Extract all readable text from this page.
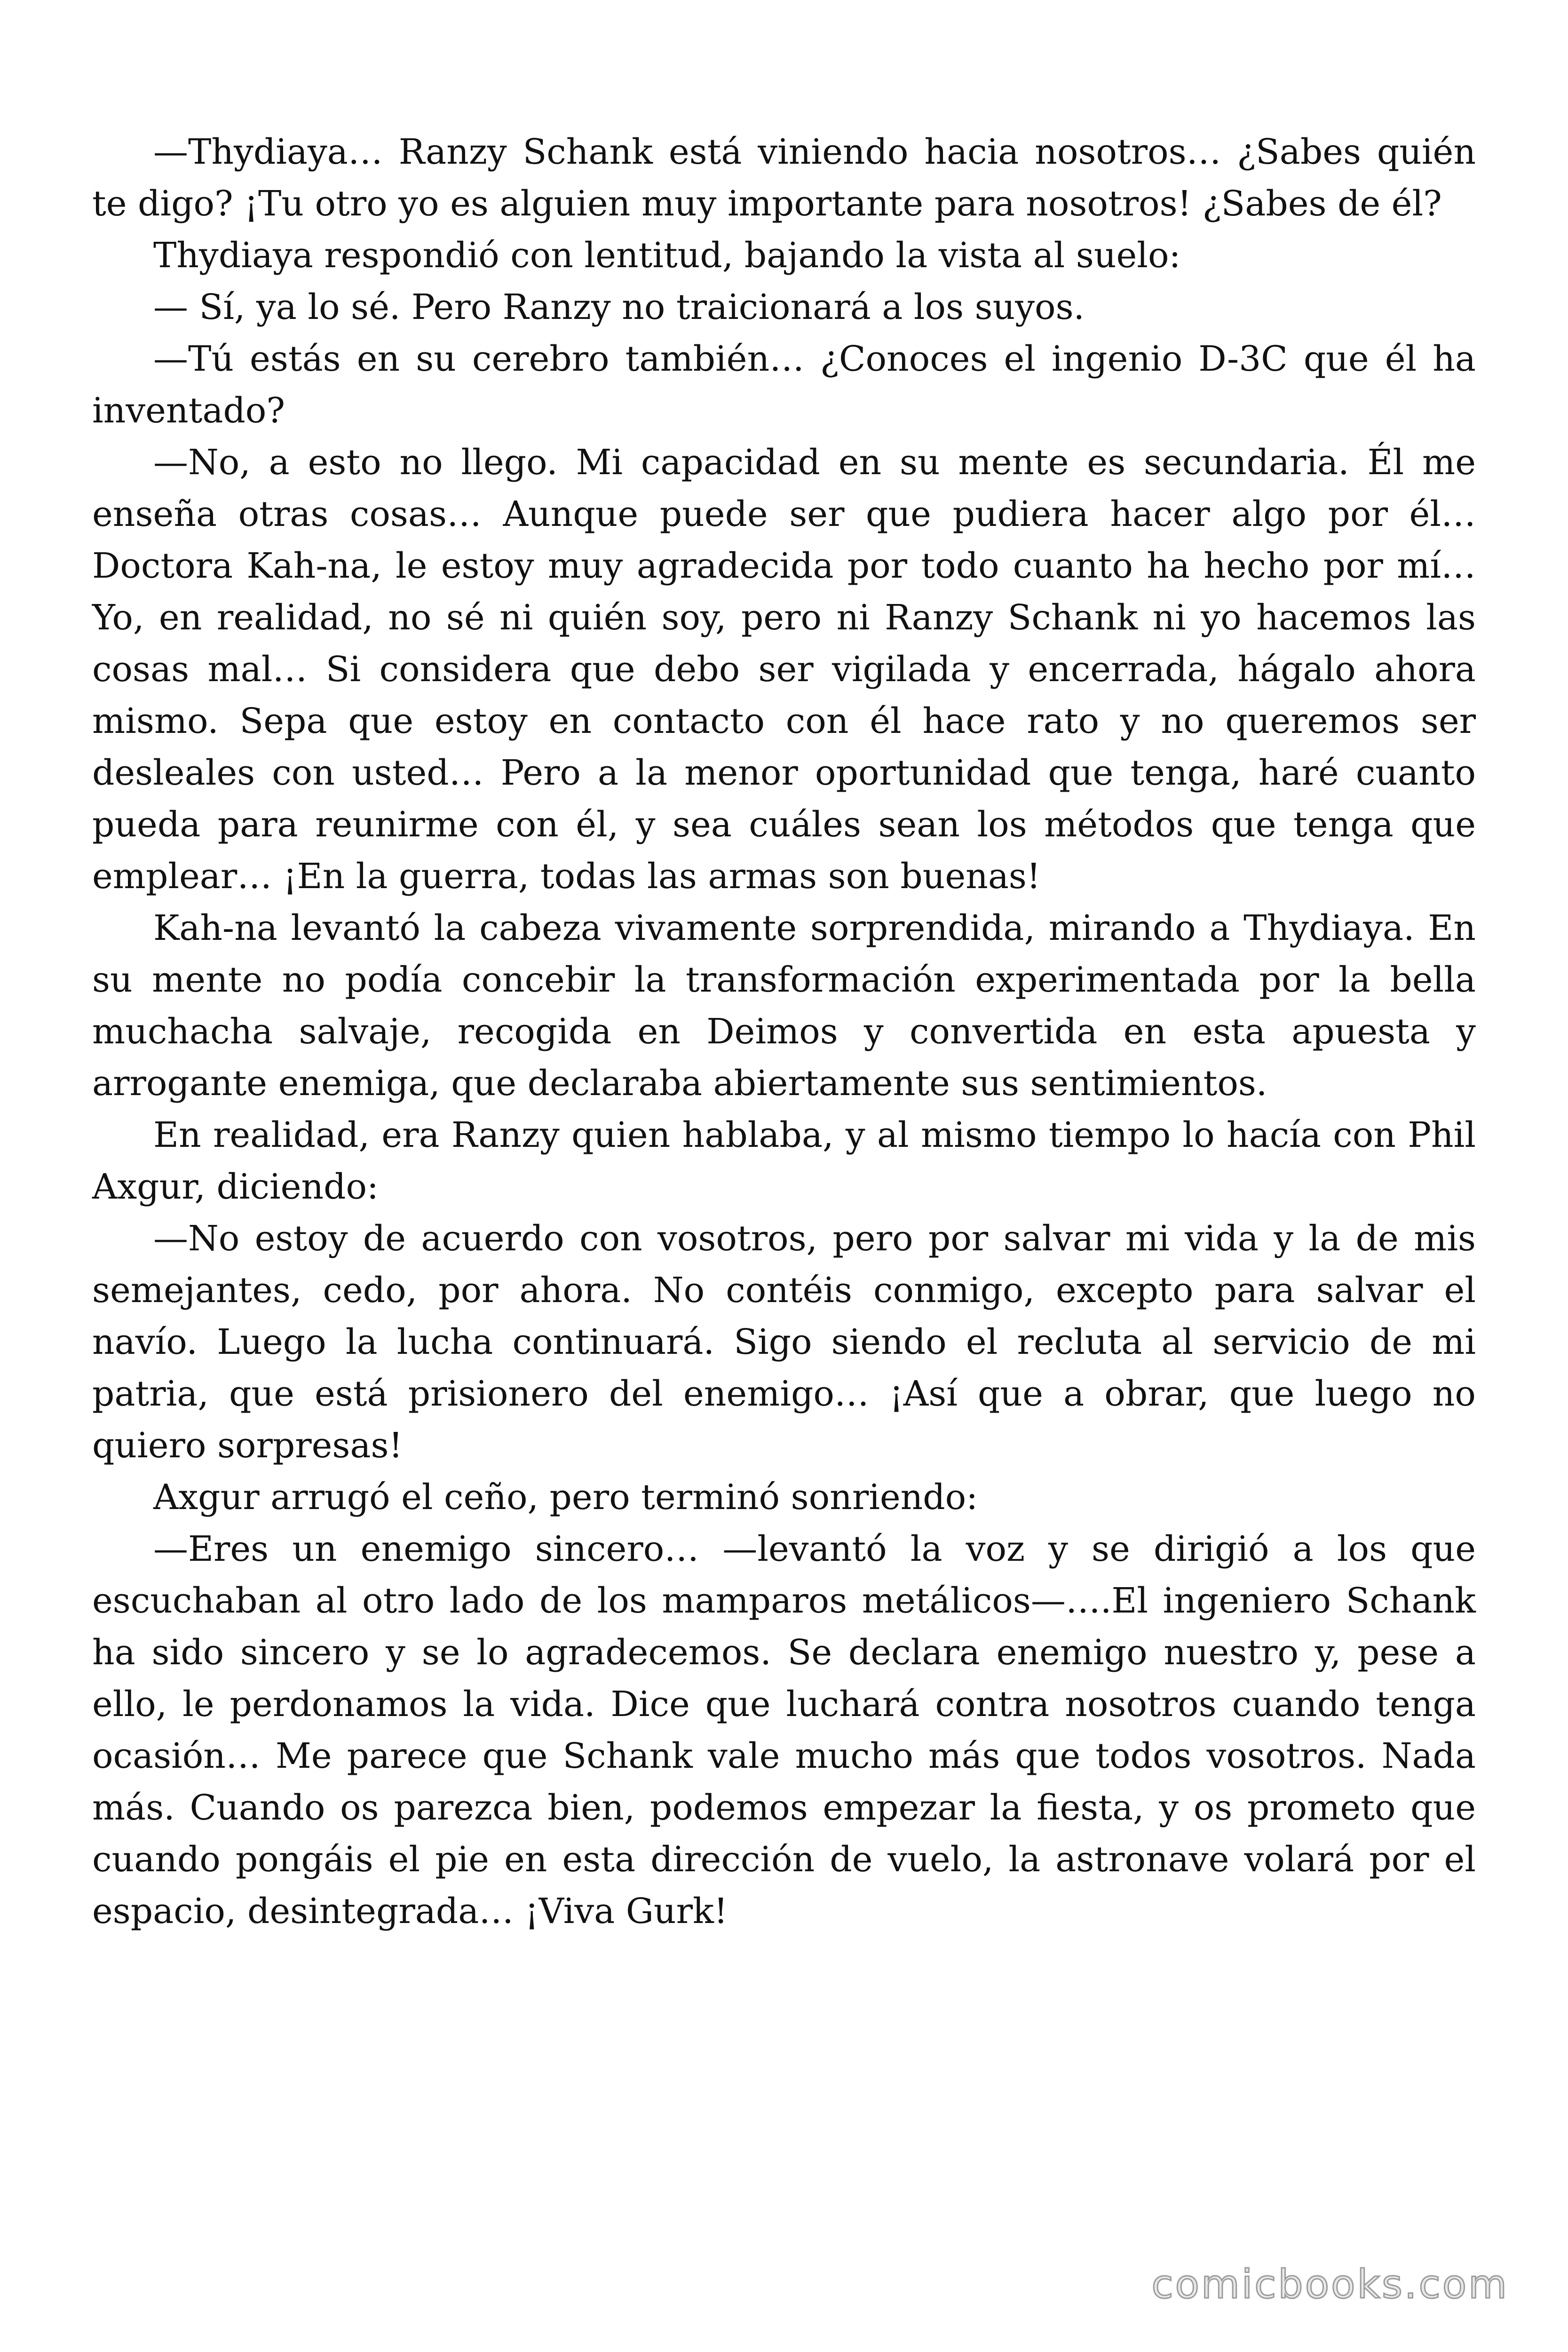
—Thydiaya… Ranzy Schank está viniendo hacia nosotros… ¿Sabes quién te digo? ¡Tu otro yo es alguien muy importante para nosotros! ¿Sabes de él?

Thydiaya respondió con lentitud, bajando la vista al suelo:

— Sí, ya lo sé. Pero Ranzy no traicionará a los suyos.

—Tú estás en su cerebro también… ¿Conoces el ingenio D-3C que él ha inventado?

—No, a esto no llego. Mi capacidad en su mente es secundaria. Él me enseña otras cosas… Aunque puede ser que pudiera hacer algo por él… Doctora Kah-na, le estoy muy agradecida por todo cuanto ha hecho por mí… Yo, en realidad, no sé ni quién soy, pero ni Ranzy Schank ni yo hacemos las cosas mal… Si considera que debo ser vigilada y encerrada, hágalo ahora mismo. Sepa que estoy en contacto con él hace rato y no queremos ser desleales con usted… Pero a la menor oportunidad que tenga, haré cuanto pueda para reunirme con él, y sea cuáles sean los métodos que tenga que emplear… ¡En la guerra, todas las armas son buenas!

Kah-na levantó la cabeza vivamente sorprendida, mirando a Thydiaya. En su mente no podía concebir la transformación experimentada por la bella muchacha salvaje, recogida en Deimos y convertida en esta apuesta y arrogante enemiga, que declaraba abiertamente sus sentimientos.

En realidad, era Ranzy quien hablaba, y al mismo tiempo lo hacía con Phil Axgur, diciendo:

—No estoy de acuerdo con vosotros, pero por salvar mi vida y la de mis semejantes, cedo, por ahora. No contéis conmigo, excepto para salvar el navío. Luego la lucha continuará. Sigo siendo el recluta al servicio de mi patria, que está prisionero del enemigo… ¡Así que a obrar, que luego no quiero sorpresas!

Axgur arrugó el ceño, pero terminó sonriendo:

—Eres un enemigo sincero… —levantó la voz y se dirigió a los que escuchaban al otro lado de los mamparos metálicos—….El ingeniero Schank ha sido sincero y se lo agradecemos. Se declara enemigo nuestro y, pese a ello, le perdonamos la vida. Dice que luchará contra nosotros cuando tenga ocasión… Me parece que Schank vale mucho más que todos vosotros. Nada más. Cuando os parezca bien, podemos empezar la fiesta, y os prometo que cuando pongáis el pie en esta dirección de vuelo, la astronave volará por el espacio, desintegrada… ¡Viva Gurk!

comicbooks.com
